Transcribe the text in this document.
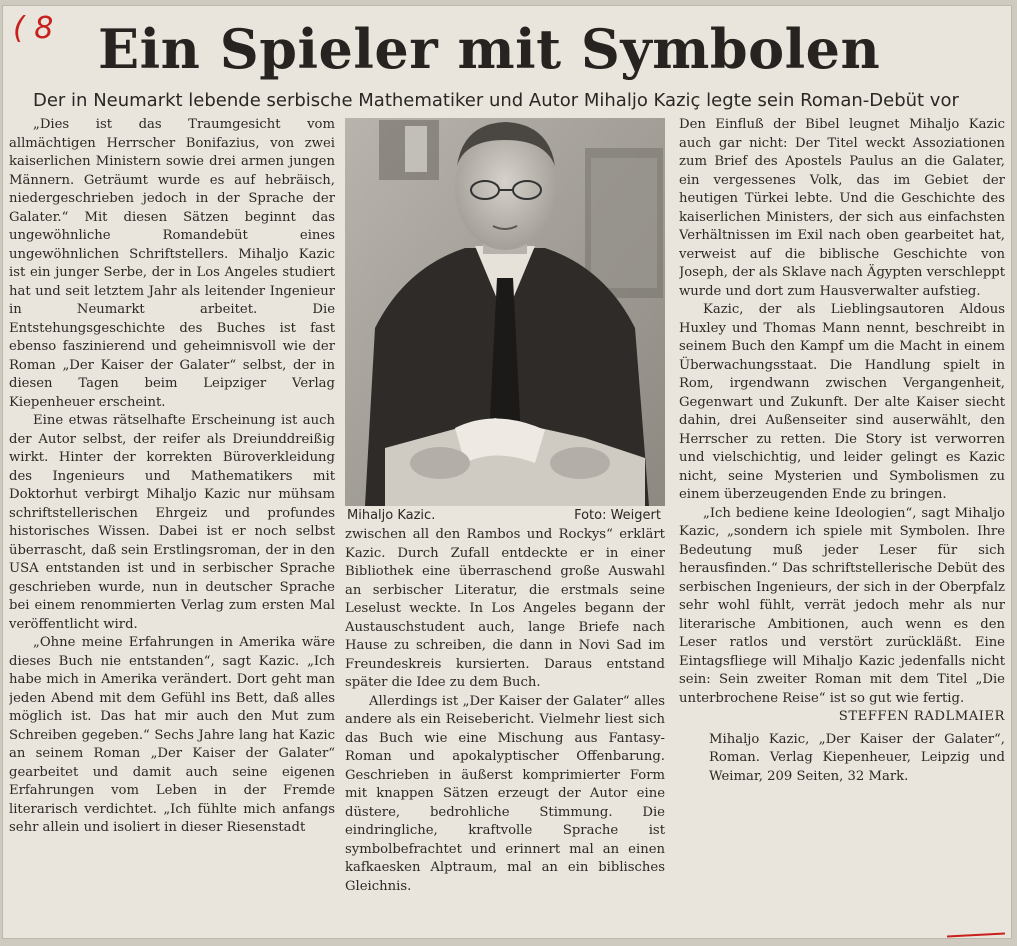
( 8 Ein Spieler mit Symbolen
Der in Neumarkt lebende serbische Mathematiker und Autor Mihaljo Kaziç legte sein Roman-Debüt vor

„Dies ist das Traumgesicht vom allmächtigen Herrscher Bonifazius, von zwei kaiserlichen Ministern sowie drei armen jungen Männern. Geträumt wurde es auf hebräisch, niedergeschrieben jedoch in der Sprache der Galater.“ Mit diesen Sätzen beginnt das ungewöhnliche Romandebüt eines ungewöhnlichen Schriftstellers. Mihaljo Kazic ist ein junger Serbe, der in Los Angeles studiert hat und seit letztem Jahr als leitender Ingenieur in Neumarkt arbeitet. Die Entstehungsgeschichte des Buches ist fast ebenso faszinierend und geheimnisvoll wie der Roman „Der Kaiser der Galater“ selbst, der in diesen Tagen beim Leipziger Verlag Kiepenheuer erscheint.

Eine etwas rätselhafte Erscheinung ist auch der Autor selbst, der reifer als Dreiunddreißig wirkt. Hinter der korrekten Büroverkleidung des Ingenieurs und Mathematikers mit Doktorhut verbirgt Mihaljo Kazic nur mühsam schriftstellerischen Ehrgeiz und profundes historisches Wissen. Dabei ist er noch selbst überrascht, daß sein Erstlingsroman, der in den USA entstanden ist und in serbischer Sprache geschrieben wurde, nun in deutscher Sprache bei einem renommierten Verlag zum ersten Mal veröffentlicht wird.

„Ohne meine Erfahrungen in Amerika wäre dieses Buch nie entstanden“, sagt Kazic. „Ich habe mich in Amerika verändert. Dort geht man jeden Abend mit dem Gefühl ins Bett, daß alles möglich ist. Das hat mir auch den Mut zum Schreiben gegeben.“ Sechs Jahre lang hat Kazic an seinem Roman „Der Kaiser der Galater“ gearbeitet und damit auch seine eigenen Erfahrungen vom Leben in der Fremde literarisch verdichtet. „Ich fühlte mich anfangs sehr allein und isoliert in dieser Riesenstadt

Mihaljo Kazic.	Foto: Weigert

zwischen all den Rambos und Rockys“ erklärt Kazic. Durch Zufall entdeckte er in einer Bibliothek eine überraschend große Auswahl an serbischer Literatur, die erstmals seine Leselust weckte. In Los Angeles begann der Austauschstudent auch, lange Briefe nach Hause zu schreiben, die dann in Novi Sad im Freundeskreis kursierten. Daraus entstand später die Idee zu dem Buch.

Allerdings ist „Der Kaiser der Galater“ alles andere als ein Reisebericht. Vielmehr liest sich das Buch wie eine Mischung aus Fantasy-Roman und apokalyptischer Offenbarung. Geschrieben in äußerst komprimierter Form mit knappen Sätzen erzeugt der Autor eine düstere, bedrohliche Stimmung. Die eindringliche, kraftvolle Sprache ist symbolbefrachtet und erinnert mal an einen kafkaesken Alptraum, mal an ein biblisches Gleichnis.

Den Einfluß der Bibel leugnet Mihaljo Kazic auch gar nicht: Der Titel weckt Assoziationen zum Brief des Apostels Paulus an die Galater, ein vergessenes Volk, das im Gebiet der heutigen Türkei lebte. Und die Geschichte des kaiserlichen Ministers, der sich aus einfachsten Verhältnissen im Exil nach oben gearbeitet hat, verweist auf die biblische Geschichte von Joseph, der als Sklave nach Ägypten verschleppt wurde und dort zum Hausverwalter aufstieg.

Kazic, der als Lieblingsautoren Aldous Huxley und Thomas Mann nennt, beschreibt in seinem Buch den Kampf um die Macht in einem Überwachungsstaat. Die Handlung spielt in Rom, irgendwann zwischen Vergangenheit, Gegenwart und Zukunft. Der alte Kaiser siecht dahin, drei Außenseiter sind auserwählt, den Herrscher zu retten. Die Story ist verworren und vielschichtig, und leider gelingt es Kazic nicht, seine Mysterien und Symbolismen zu einem überzeugenden Ende zu bringen.

„Ich bediene keine Ideologien“, sagt Mihaljo Kazic, „sondern ich spiele mit Symbolen. Ihre Bedeutung muß jeder Leser für sich herausfinden.“ Das schriftstellerische Debüt des serbischen Ingenieurs, der sich in der Oberpfalz sehr wohl fühlt, verrät jedoch mehr als nur literarische Ambitionen, auch wenn es den Leser ratlos und verstört zurückläßt. Eine Eintagsfliege will Mihaljo Kazic jedenfalls nicht sein: Sein zweiter Roman mit dem Titel „Die unterbrochene Reise“ ist so gut wie fertig.

STEFFEN RADLMAIER

Mihaljo Kazic, „Der Kaiser der Galater“, Roman. Verlag Kiepenheuer, Leipzig und Weimar, 209 Seiten, 32 Mark.
